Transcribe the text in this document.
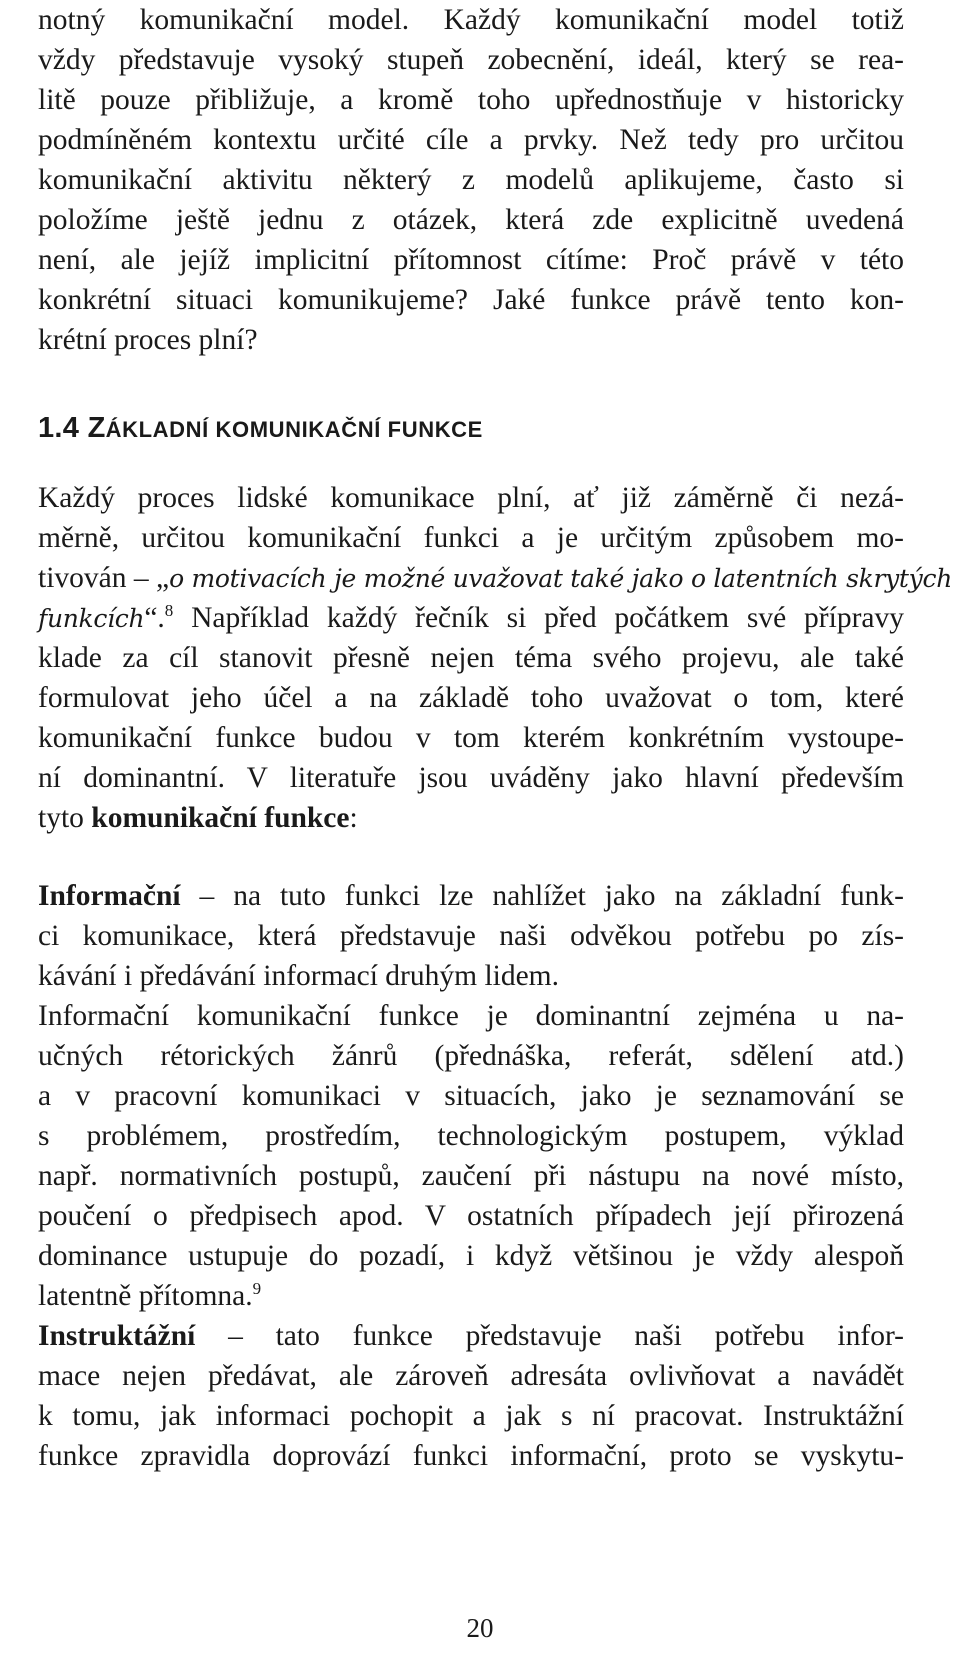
notný komunikační model. Každý komunikační model totiž
vždy představuje vysoký stupeň zobecnění, ideál, který se rea-
litě pouze přibližuje, a kromě toho upřednostňuje v historicky
podmíněném kontextu určité cíle a prvky. Než tedy pro určitou
komunikační aktivitu některý z modelů aplikujeme, často si
položíme ještě jednu z otázek, která zde explicitně uvedená
není, ale jejíž implicitní přítomnost cítíme: Proč právě v této
konkrétní situaci komunikujeme? Jaké funkce právě tento kon-
krétní proces plní?
1.4 ZÁKLADNÍ KOMUNIKAČNÍ FUNKCE
Každý proces lidské komunikace plní, ať již záměrně či nezá-
měrně, určitou komunikační funkci a je určitým způsobem mo-
tivován – „o motivacích je možné uvažovat také jako o latentních skrytých
funkcích“.$^8$ Například každý řečník si před počátkem své přípravy
klade za cíl stanovit přesně nejen téma svého projevu, ale také
formulovat jeho účel a na základě toho uvažovat o tom, které
komunikační funkce budou v tom kterém konkrétním vystoupe-
ní dominantní. V literatuře jsou uváděny jako hlavní především
tyto komunikační funkce:
Informační – na tuto funkci lze nahlížet jako na základní funk-
ci komunikace, která představuje naši odvěkou potřebu po zís-
kávání i předávání informací druhým lidem.
Informační komunikační funkce je dominantní zejména u na-
učných rétorických žánrů (přednáška, referát, sdělení atd.)
a v pracovní komunikaci v situacích, jako je seznamování se
s problémem, prostředím, technologickým postupem, výklad
např. normativních postupů, zaučení při nástupu na nové místo,
poučení o předpisech apod. V ostatních případech její přirozená
dominance ustupuje do pozadí, i když většinou je vždy alespoň
latentně přítomna.$^9$
Instruktážní – tato funkce představuje naši potřebu infor-
mace nejen předávat, ale zároveň adresáta ovlivňovat a navádět
k tomu, jak informaci pochopit a jak s ní pracovat. Instruktážní
funkce zpravidla doprovází funkci informační, proto se vyskytu-
20
